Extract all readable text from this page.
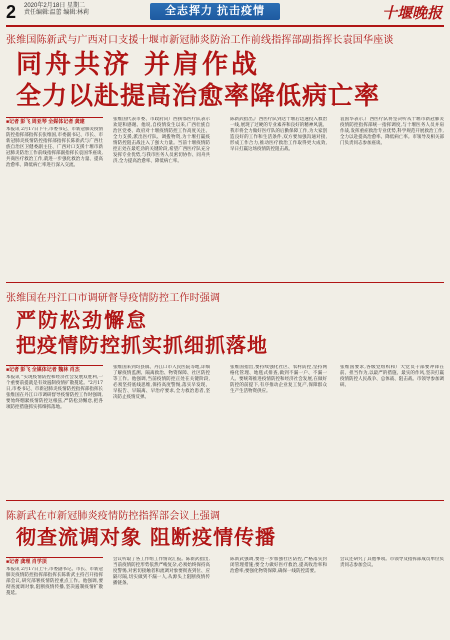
2 2020年2月18日 星期二
责任编辑:温蕾 编辑:林莉	全志挥力 抗击疫情	十堰晚报
张维国陈新武与广西对口支援十堰市新冠肺炎防治工作前线指挥部副指挥长袁国华座谈
同舟共济 并肩作战
全力以赴提高治愈率降低病亡率
■记者 彭飞 周亚琴 全媒体记者 龚建
本报讯 2月17日下午,市委书记、市新冠肺炎疫情防控指挥部指挥长张维国,市委副书记、市长、市新冠肺炎疫情防控指挥部指挥长陈新武与广西壮族自治区卫健委副主任、广西对口支援十堰市新冠肺炎防治工作前线指挥部副指挥长袁国华座谈,共商医疗救治工作,就进一步强化救治力量、提高治愈率、降低病亡率进行深入交流。
张维国代表市委、市政府向广西援鄂医疗队表示欢迎和感谢。他说,自疫情发生以来,广西壮族自治区党委、政府对十堰疫情防控工作高度关注、全力支援,派出医疗队、调拨物资,为十堰打赢疫情防控阻击战注入了强大力量。当前十堰疫情防控正处在最吃劲的关键阶段,希望广西医疗队充分发挥专业优势,与我市医务人员密切协作、同舟共济,全力提高治愈率、降低病亡率。
陈新武指出,广西医疗队到达十堰后迅速投入救治一线,展现了过硬的专业素养和良好的精神风貌。我市将全力做好医疗队的后勤保障工作,为大家创造良好的工作和生活条件,双方要加强沟通对接,形成工作合力,推动医疗救治工作取得更大成效,早日打赢这场疫情防控阻击战。
袁国华表示,广西医疗队将坚决听从十堰市新冠肺炎疫情防控指挥部统一指挥调度,与十堰医务人员并肩作战,发挥重症救治专业优势,科学规范开展救治工作,全力以赴提高治愈率、降低病亡率。市领导及相关部门负责同志参加座谈。
张维国在丹江口市调研督导疫情防控工作时强调
严防松劲懈怠
把疫情防控抓实抓细抓落地
■记者 彭飞 全媒体记者 魏林 肖杰
本报讯 "实现疫情防控和经济社会发展双胜利,一个重要前提就是有效遏制疫情扩散蔓延。"2月17日,市委书记、市新冠肺炎疫情防控指挥部指挥长张维国在丹江口市调研督导疫情防控工作时强调,要始终绷紧疫情防控这根弦,严防松劲懈怠,把各项防控措施抓实抓细抓落地。
张维国来到均县镇、丹江口市人民医院等地,详细了解疫情监测、隔离救治、物资保障、社区防控等工作。他强调,当前疫情防控正处在关键阶段,必须坚持底线思维,保持高度警惕,落实早发现、早报告、早隔离、早治疗要求,全力救治患者,坚决防止疫情反弹。
张维国指出,要持续强化社区、农村防控,坚持网格化管理、地毯式排查,做到不漏一户、不漏一人。要统筹推进疫情防控和经济社会发展,在做好防控的前提下,有序推动企业复工复产,保障群众生产生活物资供应。
张维国要求,各级党组织和广大党员干部要冲锋在前、担当作为,以最严的措施、最实的作风,坚决打赢疫情防控人民战争、总体战、阻击战。市领导参加调研。
陈新武在市新冠肺炎疫情防控指挥部会议上强调
彻查流调对象 阻断疫情传播
■记者 龚理 肖学顶
本报讯 2月17日上午,市委副书记、市长、市新冠肺炎疫情防控指挥部指挥长陈新武主持召开指挥部会议,研究部署疫情防控重点工作。他强调,要彻查流调对象,阻断疫情传播,坚决遏制疫情扩散蔓延。
会议听取了各工作组工作情况汇报。陈新武指出,当前疫情防控形势依然严峻复杂,必须始终保持高度警惕,对密切接触者和流调对象要彻查到位、应隔尽隔,切实做到不漏一人,从源头上阻断疫情传播链条。
陈新武强调,要进一步加强社区防控,严格落实封闭管理措施;要全力做好医疗救治,提高收治率和治愈率;要强化物资保障,确保一线防控需要。
会议还研究了其他事项。市领导及指挥部成员单位负责同志参加会议。
